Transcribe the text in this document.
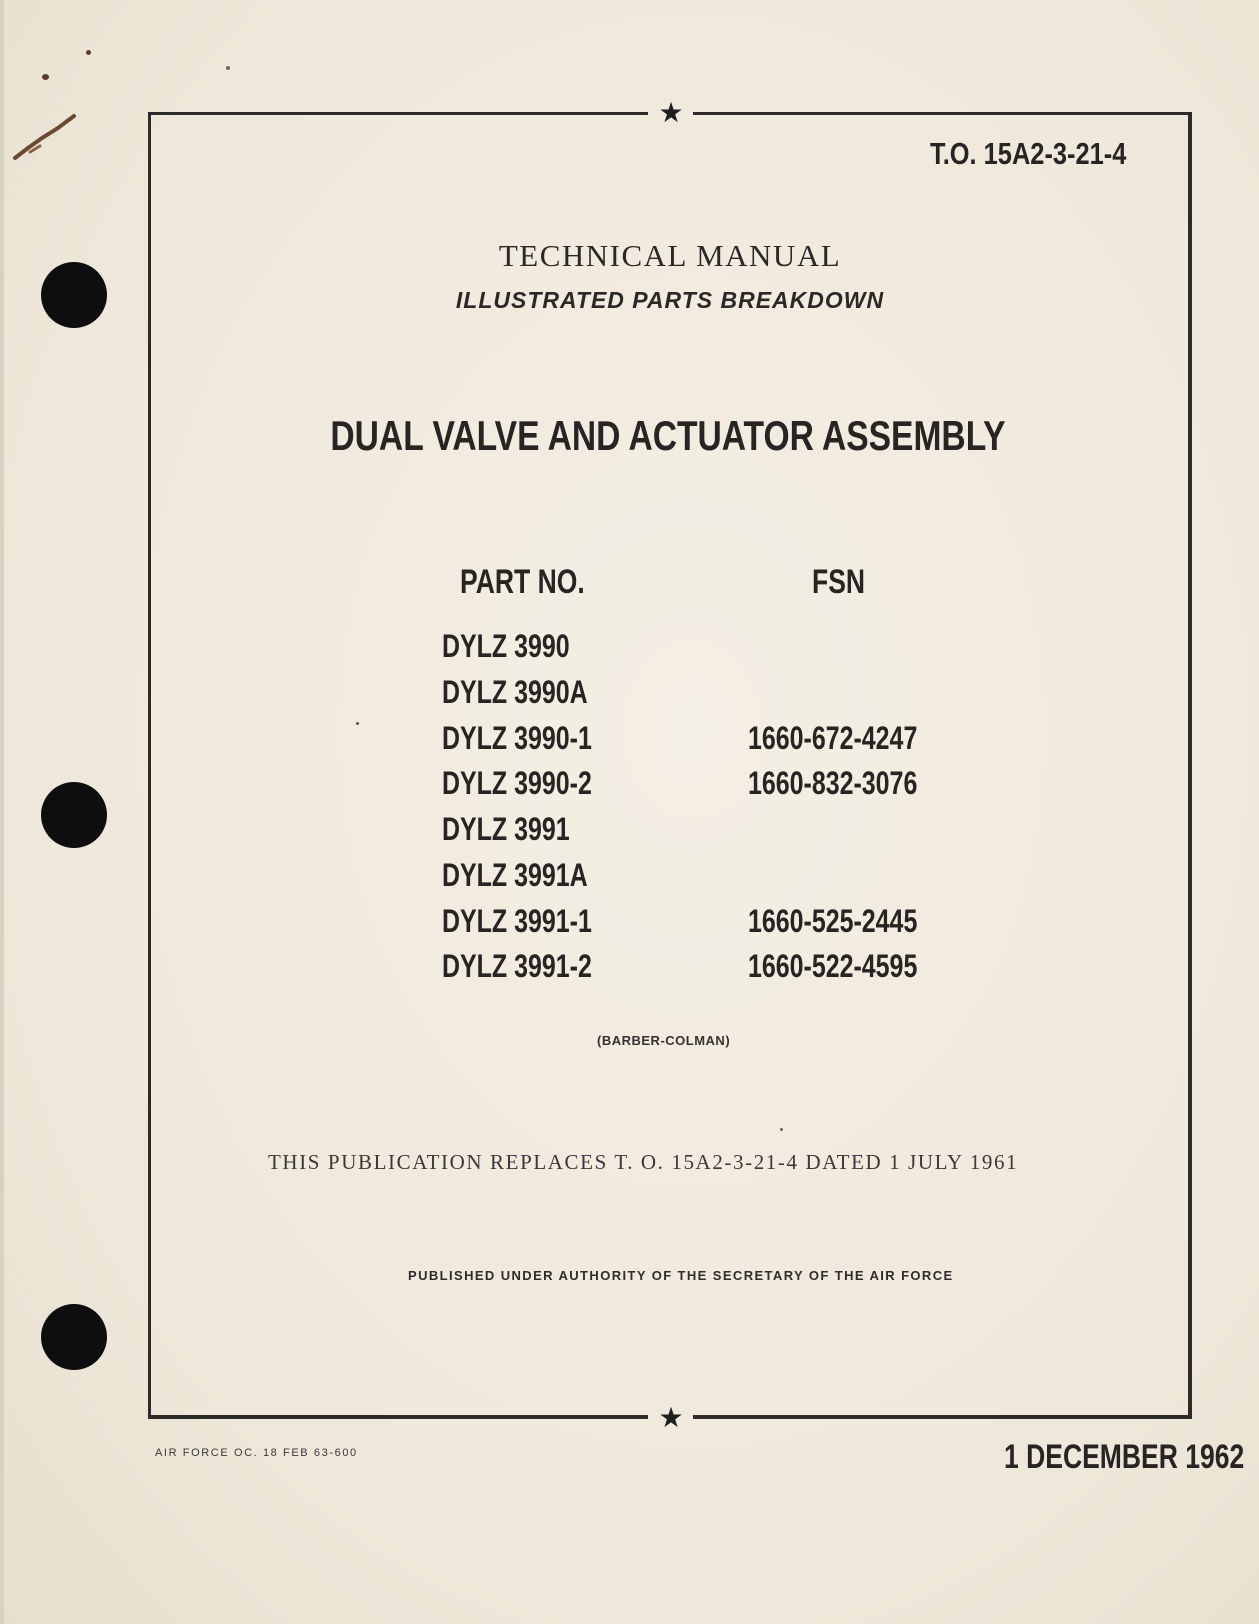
★
★
T.O. 15A2-3-21-4
TECHNICAL MANUAL
ILLUSTRATED PARTS BREAKDOWN
DUAL VALVE AND ACTUATOR ASSEMBLY
PART NO.	FSN
DYLZ 3990
DYLZ 3990A
DYLZ 3990-1
DYLZ 3990-2
DYLZ 3991
DYLZ 3991A
DYLZ 3991-1
DYLZ 3991-2
1660-672-4247
1660-832-3076
1660-525-2445
1660-522-4595
(BARBER-COLMAN)
THIS PUBLICATION REPLACES T. O. 15A2-3-21-4 DATED 1 JULY 1961
PUBLISHED UNDER AUTHORITY OF THE SECRETARY OF THE AIR FORCE
AIR FORCE OC. 18 FEB 63-600	1 DECEMBER 1962
